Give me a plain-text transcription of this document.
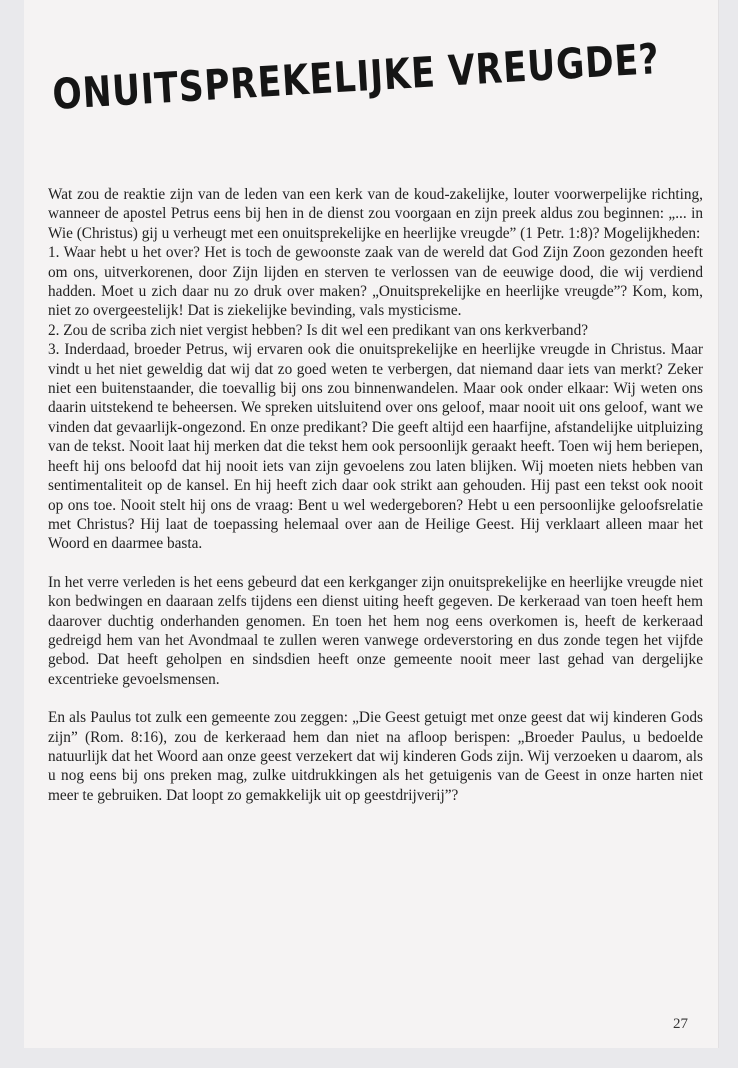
ONUITSPREKELIJKE VREUGDE?

Wat zou de reaktie zijn van de leden van een kerk van de koud-zakelijke, louter voorwerpelijke richting, wanneer de apostel Petrus eens bij hen in de dienst zou voorgaan en zijn preek aldus zou beginnen: „... in Wie (Christus) gij u verheugt met een onuitsprekelijke en heerlijke vreugde” (1 Petr. 1:8)? Mogelijkheden:

1. Waar hebt u het over? Het is toch de gewoonste zaak van de wereld dat God Zijn Zoon gezonden heeft om ons, uitverkorenen, door Zijn lijden en sterven te verlossen van de eeuwige dood, die wij verdiend hadden. Moet u zich daar nu zo druk over maken? „Onuitsprekelijke en heerlijke vreugde”? Kom, kom, niet zo overgeestelijk! Dat is ziekelijke bevinding, vals mysticisme.

2. Zou de scriba zich niet vergist hebben? Is dit wel een predikant van ons kerkverband?

3. Inderdaad, broeder Petrus, wij ervaren ook die onuitsprekelijke en heerlijke vreugde in Christus. Maar vindt u het niet geweldig dat wij dat zo goed weten te verbergen, dat niemand daar iets van merkt? Zeker niet een buitenstaander, die toevallig bij ons zou binnenwandelen. Maar ook onder elkaar: Wij weten ons daarin uitstekend te beheersen. We spreken uitsluitend over ons geloof, maar nooit uit ons geloof, want we vinden dat gevaarlijk-ongezond. En onze predikant? Die geeft altijd een haarfijne, afstandelijke uitpluizing van de tekst. Nooit laat hij merken dat die tekst hem ook persoonlijk geraakt heeft. Toen wij hem beriepen, heeft hij ons beloofd dat hij nooit iets van zijn gevoelens zou laten blijken. Wij moeten niets hebben van sentimentaliteit op de kansel. En hij heeft zich daar ook strikt aan gehouden. Hij past een tekst ook nooit op ons toe. Nooit stelt hij ons de vraag: Bent u wel wedergeboren? Hebt u een persoonlijke geloofsrelatie met Christus? Hij laat de toepassing helemaal over aan de Heilige Geest. Hij verklaart alleen maar het Woord en daarmee basta.

In het verre verleden is het eens gebeurd dat een kerkganger zijn onuitsprekelijke en heerlijke vreugde niet kon bedwingen en daaraan zelfs tijdens een dienst uiting heeft gegeven. De kerkeraad van toen heeft hem daarover duchtig onderhanden genomen. En toen het hem nog eens overkomen is, heeft de kerkeraad gedreigd hem van het Avondmaal te zullen weren vanwege ordeverstoring en dus zonde tegen het vijfde gebod. Dat heeft geholpen en sindsdien heeft onze gemeente nooit meer last gehad van dergelijke excentrieke gevoelsmensen.

En als Paulus tot zulk een gemeente zou zeggen: „Die Geest getuigt met onze geest dat wij kinderen Gods zijn” (Rom. 8:16), zou de kerkeraad hem dan niet na afloop berispen: „Broeder Paulus, u bedoelde natuurlijk dat het Woord aan onze geest verzekert dat wij kinderen Gods zijn. Wij verzoeken u daarom, als u nog eens bij ons preken mag, zulke uitdrukkingen als het getuigenis van de Geest in onze harten niet meer te gebruiken. Dat loopt zo gemakkelijk uit op geestdrijverij”?

27
